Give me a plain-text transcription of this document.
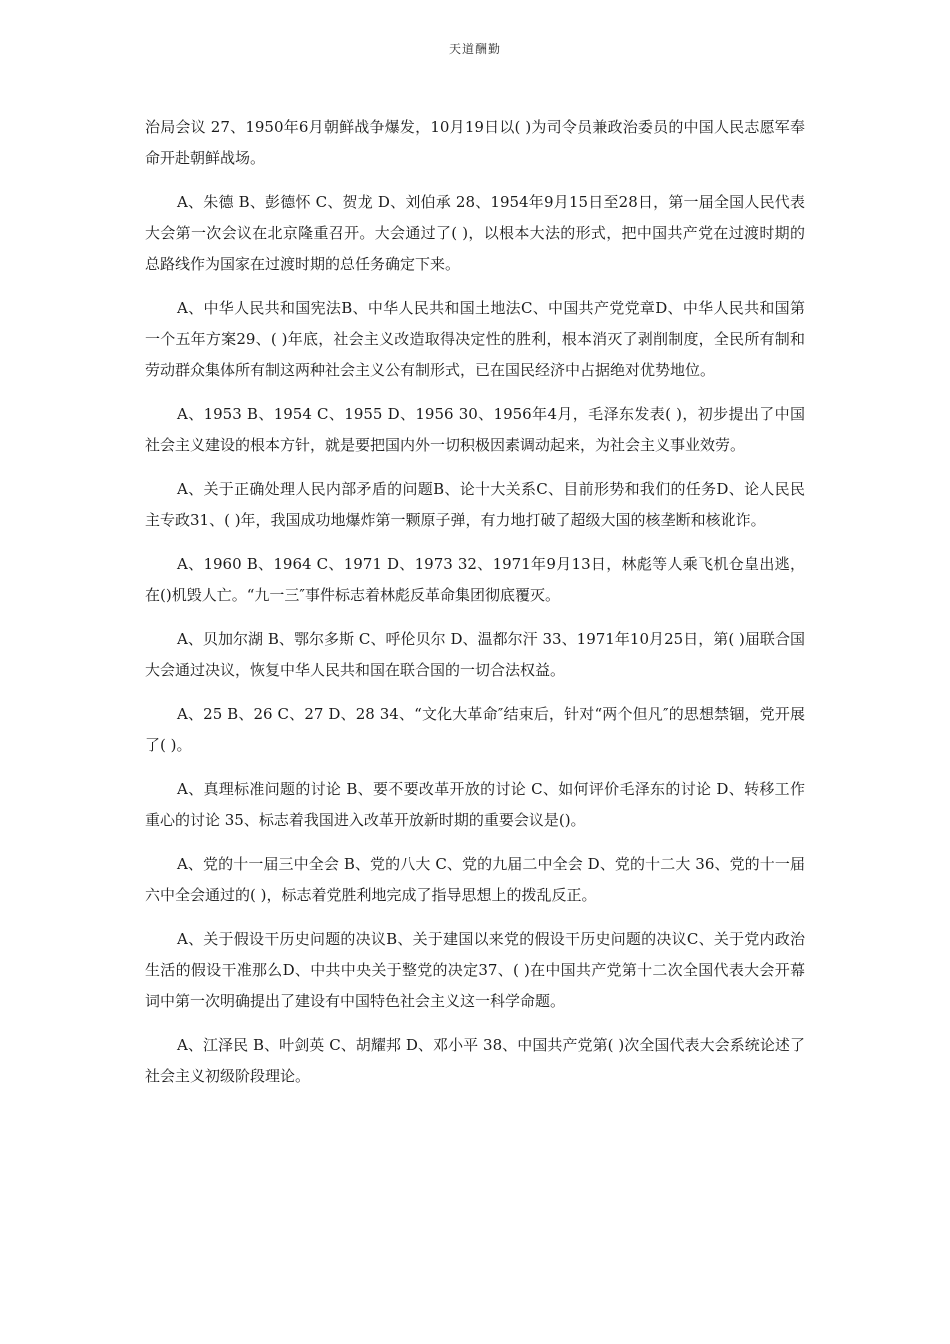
天道酬勤

治局会议 27、1950年6月朝鲜战争爆发，10月19日以( )为司令员兼政治委员的中国人民志愿军奉命开赴朝鲜战场。

A、朱德 B、彭德怀 C、贺龙 D、刘伯承 28、1954年9月15日至28日，第一届全国人民代表大会第一次会议在北京隆重召开。大会通过了( )，以根本大法的形式，把中国共产党在过渡时期的总路线作为国家在过渡时期的总任务确定下来。

A、中华人民共和国宪法B、中华人民共和国土地法C、中国共产党党章D、中华人民共和国第一个五年方案29、( )年底，社会主义改造取得决定性的胜利，根本消灭了剥削制度，全民所有制和劳动群众集体所有制这两种社会主义公有制形式，已在国民经济中占据绝对优势地位。

A、1953 B、1954 C、1955 D、1956 30、1956年4月，毛泽东发表( )，初步提出了中国社会主义建设的根本方针，就是要把国内外一切积极因素调动起来，为社会主义事业效劳。

A、关于正确处理人民内部矛盾的问题B、论十大关系C、目前形势和我们的任务D、论人民民主专政31、( )年，我国成功地爆炸第一颗原子弹，有力地打破了超级大国的核垄断和核讹诈。

A、1960 B、1964 C、1971 D、1973 32、1971年9月13日，林彪等人乘飞机仓皇出逃，在()机毁人亡。“九一三″事件标志着林彪反革命集团彻底覆灭。

A、贝加尔湖 B、鄂尔多斯 C、呼伦贝尔 D、温都尔汗 33、1971年10月25日，第( )届联合国大会通过决议，恢复中华人民共和国在联合国的一切合法权益。

A、25 B、26 C、27 D、28 34、“文化大革命″结束后，针对“两个但凡″的思想禁锢，党开展了( )。

A、真理标准问题的讨论 B、要不要改革开放的讨论 C、如何评价毛泽东的讨论 D、转移工作重心的讨论 35、标志着我国进入改革开放新时期的重要会议是()。

A、党的十一届三中全会 B、党的八大 C、党的九届二中全会 D、党的十二大 36、党的十一届六中全会通过的( )，标志着党胜利地完成了指导思想上的拨乱反正。

A、关于假设干历史问题的决议B、关于建国以来党的假设干历史问题的决议C、关于党内政治生活的假设干准那么D、中共中央关于整党的决定37、( )在中国共产党第十二次全国代表大会开幕词中第一次明确提出了建设有中国特色社会主义这一科学命题。

A、江泽民 B、叶剑英 C、胡耀邦 D、邓小平 38、中国共产党第( )次全国代表大会系统论述了社会主义初级阶段理论。
